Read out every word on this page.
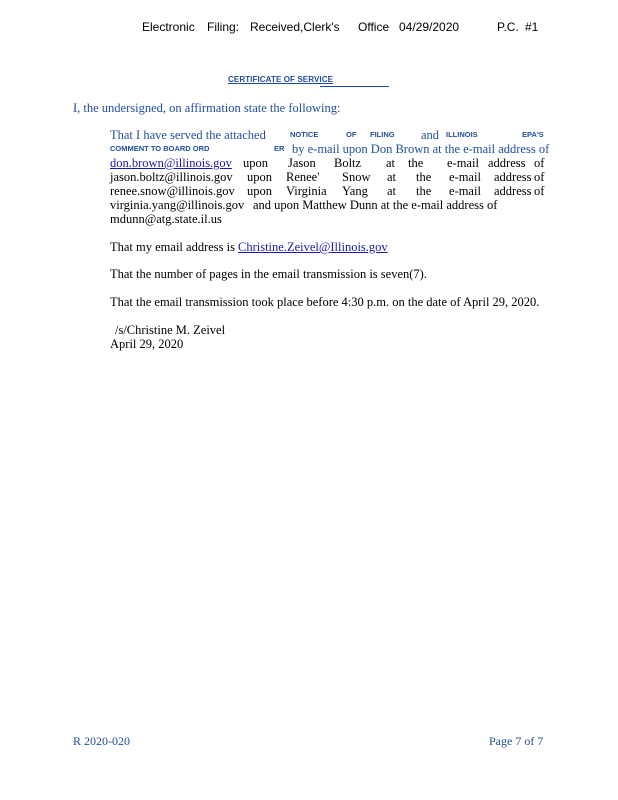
Electronic Filing: Received,Clerk's Office 04/29/2020	P.C. #1
CERTIFICATE OF SERVICE
I, the undersigned, on affirmation state the following:
That I have served the attached	NOTICE	OF FILING and ILLINOIS	EPA'S
COMMENT TO BOARD ORD	ER by e-mail upon Don Brown at the e-mail address of
don.brown@illinois.gov upon Jason Boltz at the e-mail address of
jason.boltz@illinois.gov upon Renee' Snow at the e-mail address of
renee.snow@illinois.gov upon Virginia Yang at the e-mail address of
virginia.yang@illinois.gov and upon Matthew Dunn at the e-mail address of
mdunn@atg.state.il.us
That my email address is Christine.Zeivel@Illinois.gov
That the number of pages in the email transmission is seven(7).
That the email transmission took place before 4:30 p.m. on the date of April 29, 2020.
/s/Christine M. Zeivel
April 29, 2020
R 2020-020	Page 7 of 7
